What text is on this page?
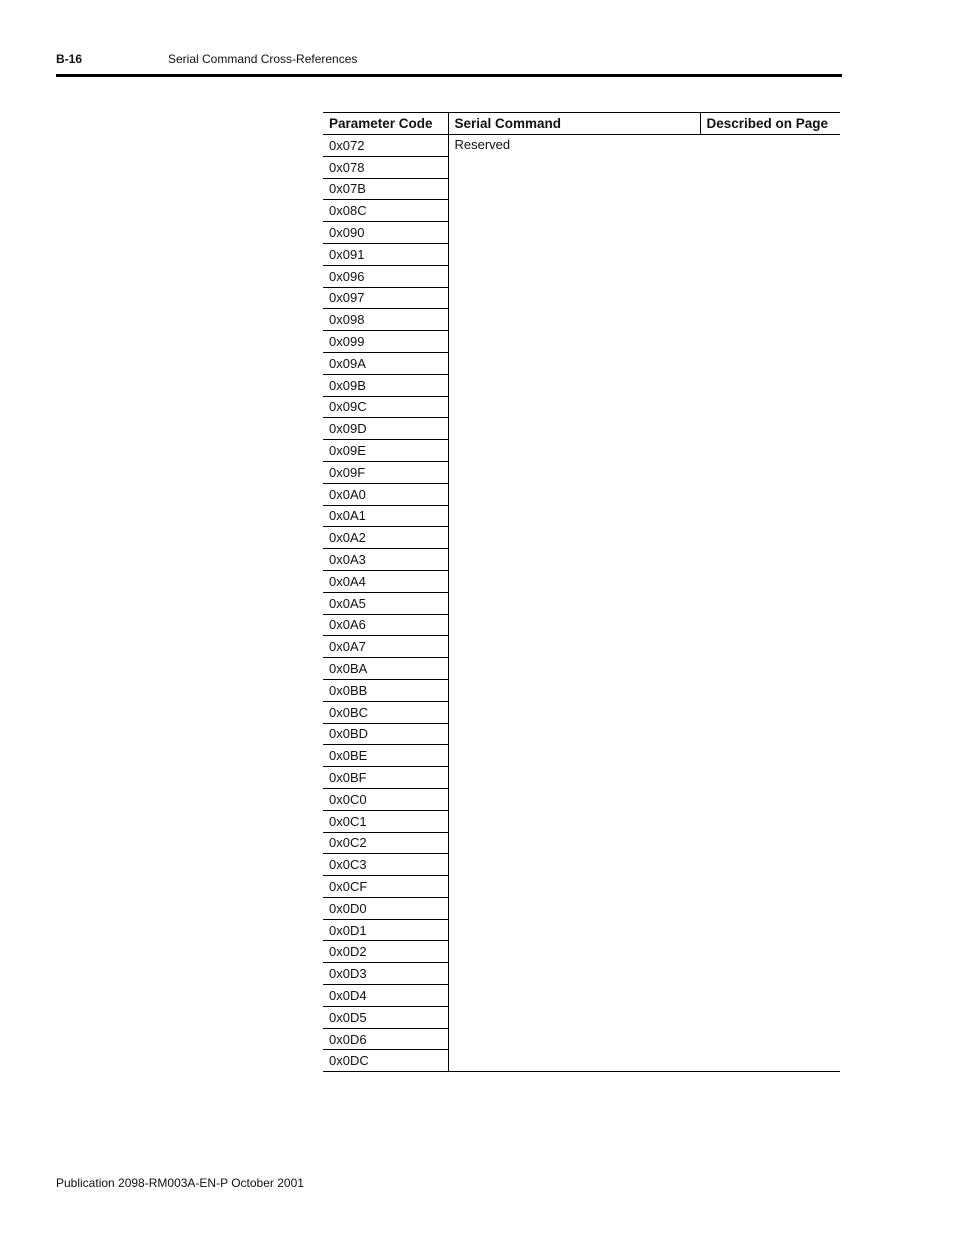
B-16	Serial Command Cross-References
Parameter Code	Serial Command	Described on Page
0x072	Reserved	
0x078		
0x07B		
0x08C		
0x090		
0x091		
0x096		
0x097		
0x098		
0x099		
0x09A		
0x09B		
0x09C		
0x09D		
0x09E		
0x09F		
0x0A0		
0x0A1		
0x0A2		
0x0A3		
0x0A4		
0x0A5		
0x0A6		
0x0A7		
0x0BA		
0x0BB		
0x0BC		
0x0BD		
0x0BE		
0x0BF		
0x0C0		
0x0C1		
0x0C2		
0x0C3		
0x0CF		
0x0D0		
0x0D1		
0x0D2		
0x0D3		
0x0D4		
0x0D5		
0x0D6		
0x0DC		
Publication 2098-RM003A-EN-P October 2001
